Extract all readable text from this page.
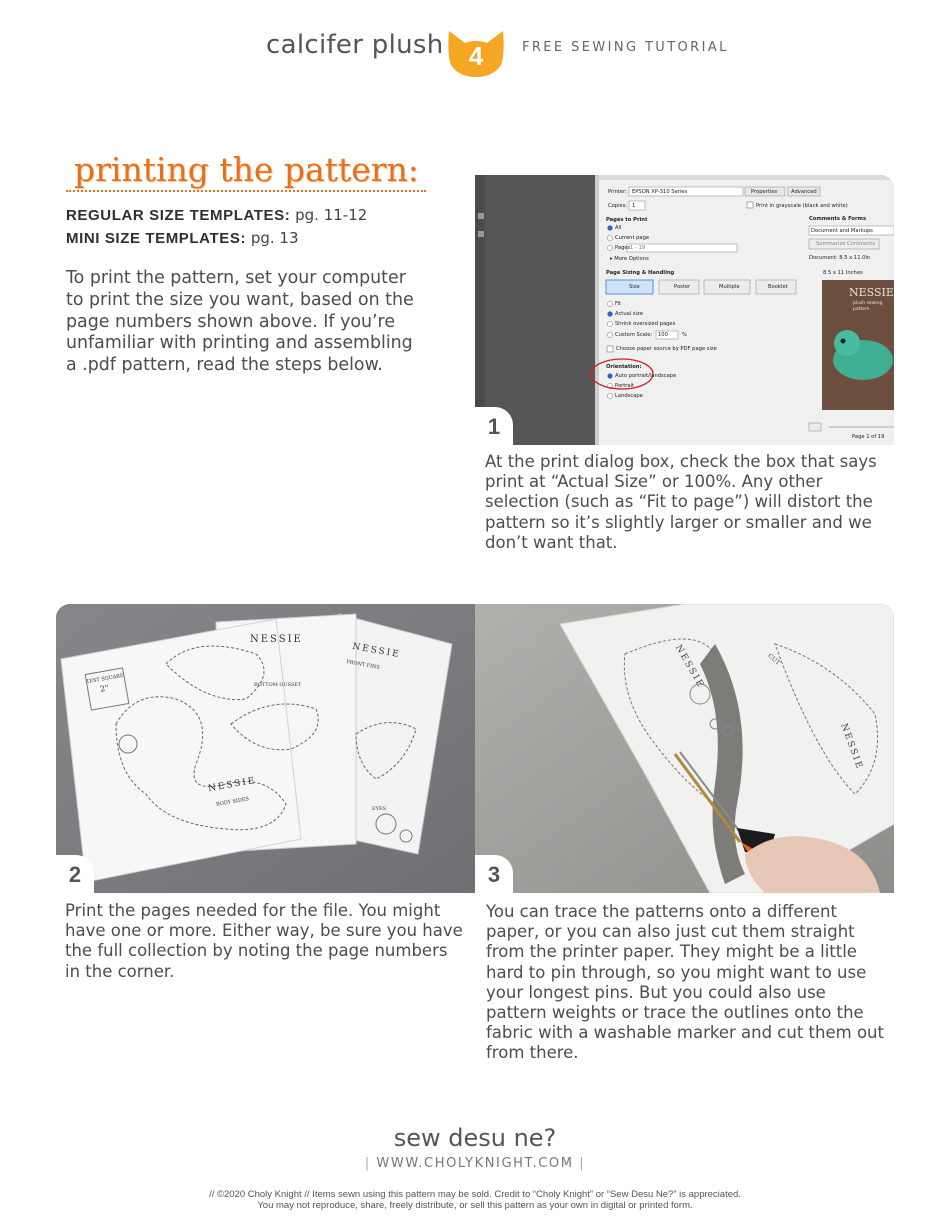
calcifer plush 4	FREE SEWING TUTORIAL
printing the pattern:
REGULAR SIZE TEMPLATES: pg. 11-12
MINI SIZE TEMPLATES: pg. 13
To print the pattern, set your computer to print the size you want, based on the page numbers shown above. If you’re unfamiliar with printing and assembling a .pdf pattern, read the steps below.
Printer: EPSON XP-310 Series	Properties	Advanced
Copies: 1	Print in grayscale (black and white)
Pages to Print
All
Current page
Pages 1 - 19
▸ More Options
Page Sizing & Handling
Size	Poster	Multiple	Booklet
Fit
Actual size
Shrink oversized pages
Custom Scale: 100	%
Choose paper source by PDF page size
Orientation:
Auto portrait/landscape
Portrait
Landscape
Comments & Forms
Document and Markups
Summarize Comments
Document: 8.5 x 11.0in
8.5 x 11 Inches
NESSIE
plush sewing pattern
Page 1 of 19
1
At the print dialog box, check the box that says print at “Actual Size” or 100%. Any other selection (such as “Fit to page”) will distort the pattern so it’s slightly larger or smaller and we don’t want that.
NESSIE
BOTTOM GUSSET
NESSIE
FRONT FINS
TEST SQUARE
2"
NESSIE
BODY SIDES
EYES
2
Print the pages needed for the file. You might have one or more. Either way, be sure you have the full collection by noting the page numbers in the corner.
NESSIE	CUT
NESSIE
3
You can trace the patterns onto a different paper, or you can also just cut them straight from the printer paper. They might be a little hard to pin through, so you might want to use your longest pins. But you could also use pattern weights or trace the outlines onto the fabric with a washable marker and cut them out from there.
sew desu ne?
| WWW.CHOLYKNIGHT.COM |
// ©2020 Choly Knight // Items sewn using this pattern may be sold. Credit to “Choly Knight” or “Sew Desu Ne?” is appreciated.
You may not reproduce, share, freely distribute, or sell this pattern as your own in digital or printed form.
